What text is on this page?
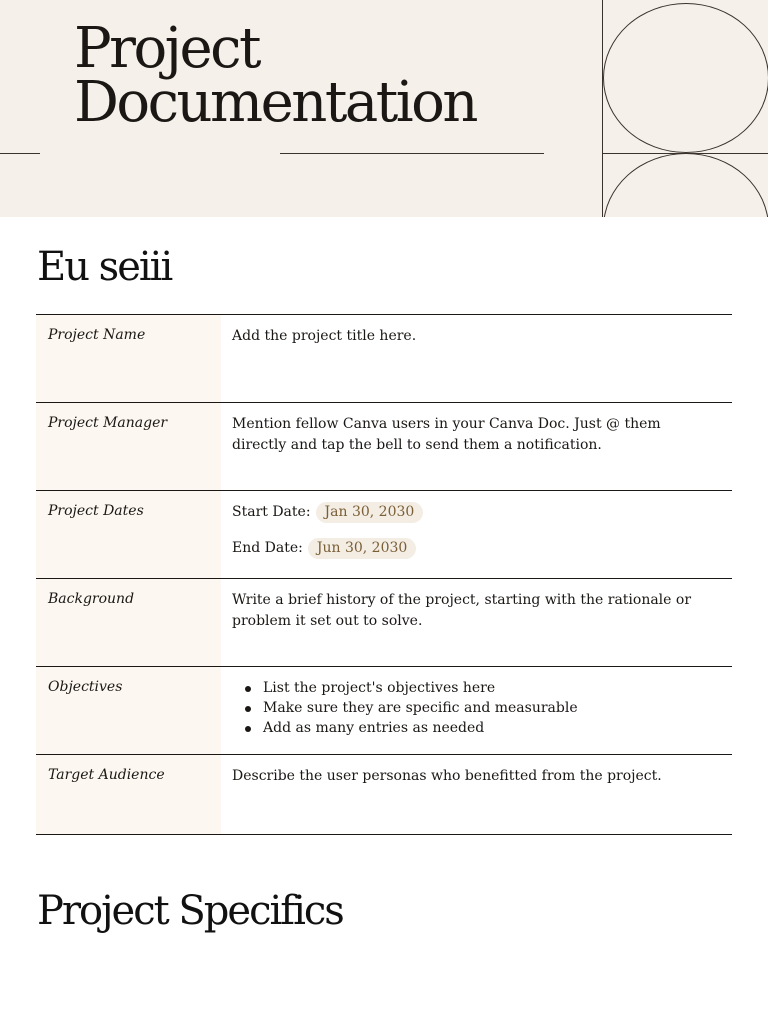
Project
Documentation
Eu seiii
Project Name	Add the project title here.
Project Manager	Mention fellow Canva users in your Canva Doc. Just @ them directly and tap the bell to send them a notification.
Project Dates	Start Date:	Jan 30, 2030
End Date:	Jun 30, 2030
Background	Write a brief history of the project, starting with the rationale or problem it set out to solve.
Objectives	List the project's objectives here
Make sure they are specific and measurable
Add as many entries as needed
Target Audience	Describe the user personas who benefitted from the project.
Project Specifics
